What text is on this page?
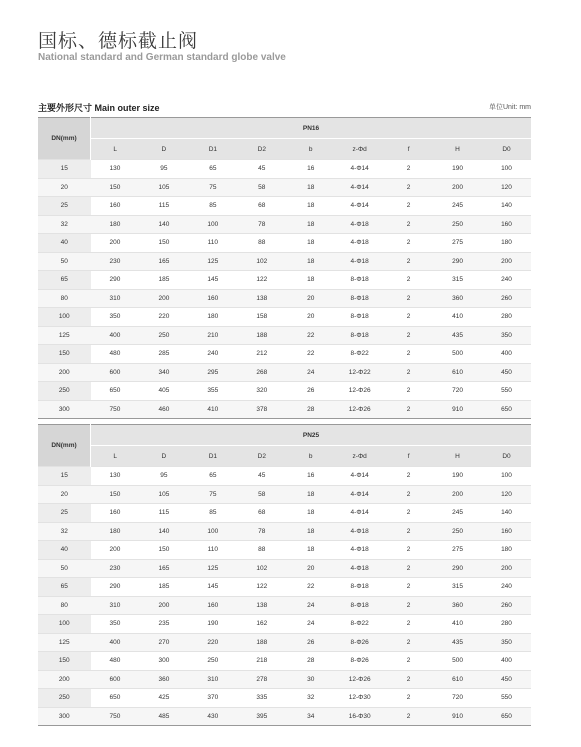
国标、德标截止阀
National standard and German standard globe valve
主要外形尺寸 Main outer size	单位Unit: mm
DN(mm)	PN16								
	L	D	D1	D2	b	z-Φd	f	H	D0
15	130	95	65	45	16	4-Φ14	2	190	100
20	150	105	75	58	18	4-Φ14	2	200	120
25	160	115	85	68	18	4-Φ14	2	245	140
32	180	140	100	78	18	4-Φ18	2	250	160
40	200	150	110	88	18	4-Φ18	2	275	180
50	230	165	125	102	18	4-Φ18	2	290	200
65	290	185	145	122	18	8-Φ18	2	315	240
80	310	200	160	138	20	8-Φ18	2	360	260
100	350	220	180	158	20	8-Φ18	2	410	280
125	400	250	210	188	22	8-Φ18	2	435	350
150	480	285	240	212	22	8-Φ22	2	500	400
200	600	340	295	268	24	12-Φ22	2	610	450
250	650	405	355	320	26	12-Φ26	2	720	550
300	750	460	410	378	28	12-Φ26	2	910	650
DN(mm)	PN25								
	L	D	D1	D2	b	z-Φd	f	H	D0
15	130	95	65	45	16	4-Φ14	2	190	100
20	150	105	75	58	18	4-Φ14	2	200	120
25	160	115	85	68	18	4-Φ14	2	245	140
32	180	140	100	78	18	4-Φ18	2	250	160
40	200	150	110	88	18	4-Φ18	2	275	180
50	230	165	125	102	20	4-Φ18	2	290	200
65	290	185	145	122	22	8-Φ18	2	315	240
80	310	200	160	138	24	8-Φ18	2	360	260
100	350	235	190	162	24	8-Φ22	2	410	280
125	400	270	220	188	26	8-Φ26	2	435	350
150	480	300	250	218	28	8-Φ26	2	500	400
200	600	360	310	278	30	12-Φ26	2	610	450
250	650	425	370	335	32	12-Φ30	2	720	550
300	750	485	430	395	34	16-Φ30	2	910	650
